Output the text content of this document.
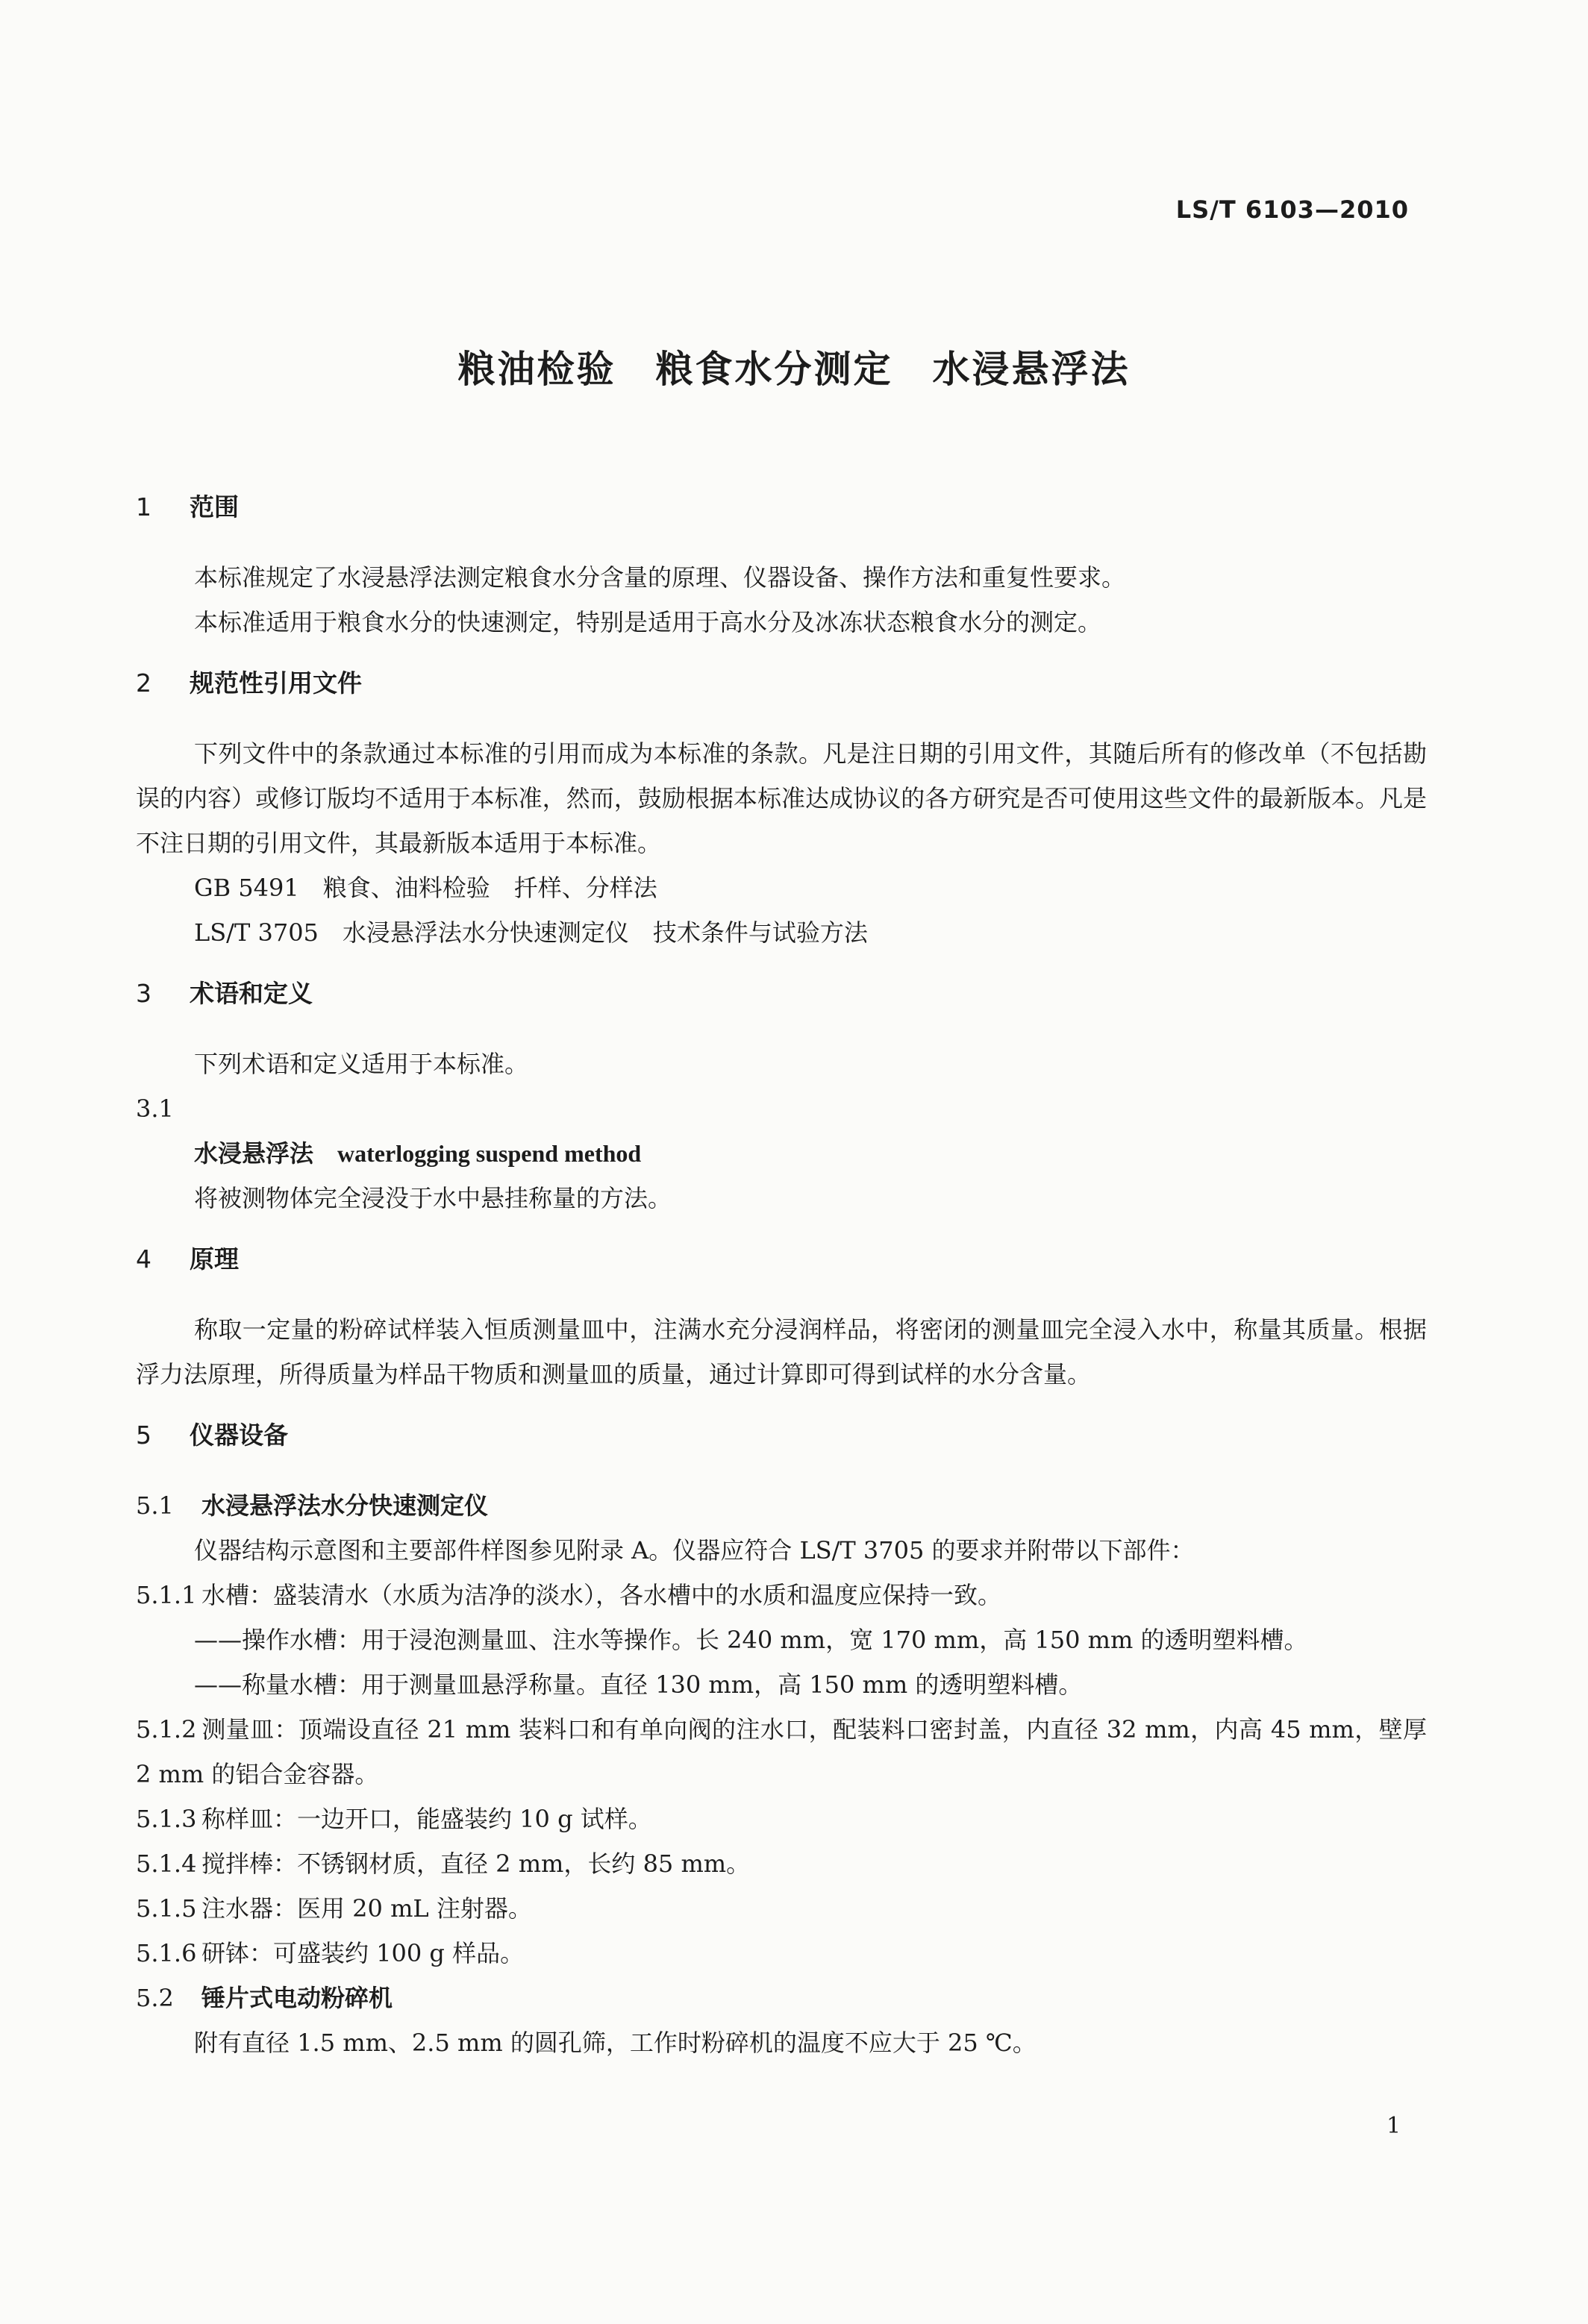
LS/T 6103—2010
粮油检验　粮食水分测定　水浸悬浮法
1 范围
本标准规定了水浸悬浮法测定粮食水分含量的原理、仪器设备、操作方法和重复性要求。
本标准适用于粮食水分的快速测定，特别是适用于高水分及冰冻状态粮食水分的测定。
2 规范性引用文件
下列文件中的条款通过本标准的引用而成为本标准的条款。凡是注日期的引用文件，其随后所有的修改单（不包括勘误的内容）或修订版均不适用于本标准，然而，鼓励根据本标准达成协议的各方研究是否可使用这些文件的最新版本。凡是不注日期的引用文件，其最新版本适用于本标准。
GB 5491　粮食、油料检验　扦样、分样法
LS/T 3705　水浸悬浮法水分快速测定仪　技术条件与试验方法
3 术语和定义
下列术语和定义适用于本标准。
3.1
水浸悬浮法　 waterlogging suspend method
将被测物体完全浸没于水中悬挂称量的方法。
4 原理
称取一定量的粉碎试样装入恒质测量皿中，注满水充分浸润样品，将密闭的测量皿完全浸入水中，称量其质量。根据浮力法原理，所得质量为样品干物质和测量皿的质量，通过计算即可得到试样的水分含量。
5 仪器设备
5.1 水浸悬浮法水分快速测定仪
仪器结构示意图和主要部件样图参见附录 A。仪器应符合 LS/T 3705 的要求并附带以下部件：
5.1.1 水槽：盛装清水（水质为洁净的淡水），各水槽中的水质和温度应保持一致。
——操作水槽：用于浸泡测量皿、注水等操作。长 240 mm，宽 170 mm，高 150 mm 的透明塑料槽。
——称量水槽：用于测量皿悬浮称量。直径 130 mm，高 150 mm 的透明塑料槽。
5.1.2 测量皿：顶端设直径 21 mm 装料口和有单向阀的注水口，配装料口密封盖，内直径 32 mm，内高 45 mm，壁厚 2 mm 的铝合金容器。
5.1.3 称样皿：一边开口，能盛装约 10 g 试样。
5.1.4 搅拌棒：不锈钢材质，直径 2 mm，长约 85 mm。
5.1.5 注水器：医用 20 mL 注射器。
5.1.6 研钵：可盛装约 100 g 样品。
5.2 锤片式电动粉碎机
附有直径 1.5 mm、2.5 mm 的圆孔筛，工作时粉碎机的温度不应大于 25 ℃。
1
